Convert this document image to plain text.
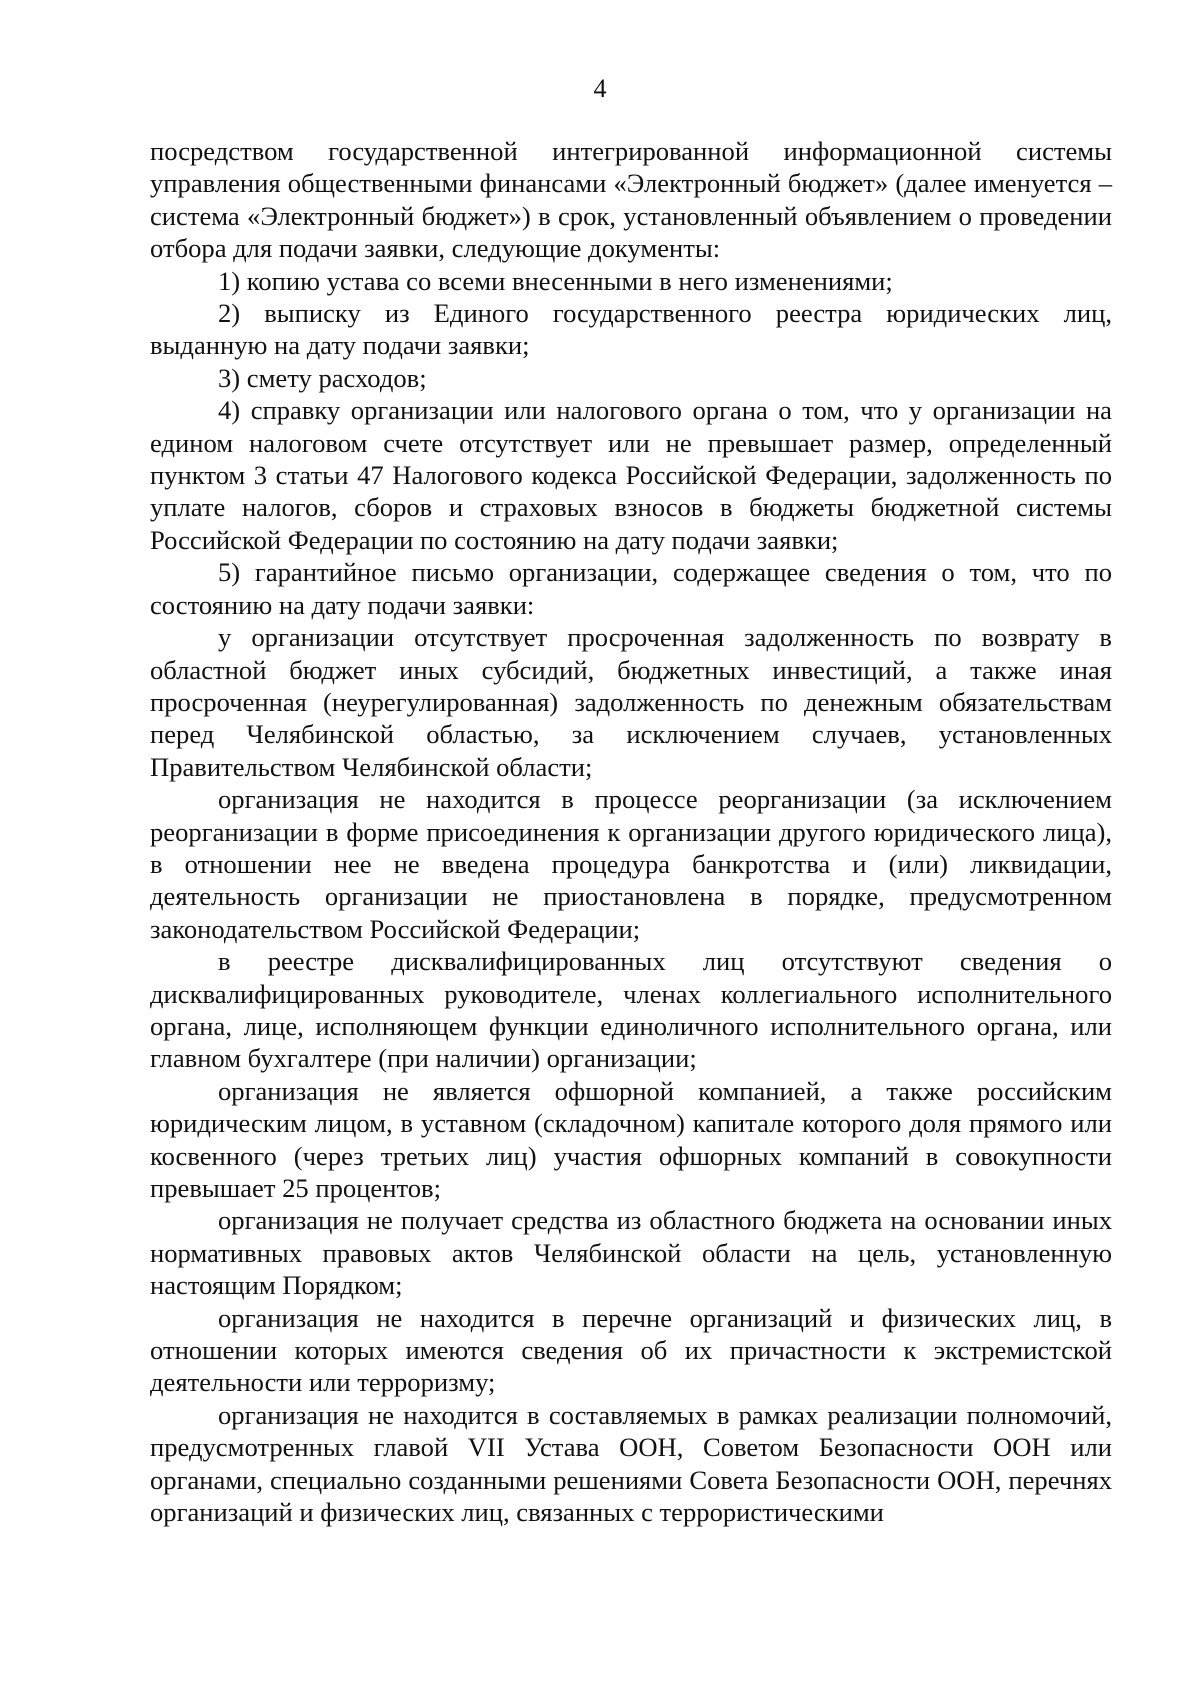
4

посредством государственной интегрированной информационной системы управления общественными финансами «Электронный бюджет» (далее именуется – система «Электронный бюджет») в срок, установленный объявлением о проведении отбора для подачи заявки, следующие документы:

1) копию устава со всеми внесенными в него изменениями;

2) выписку из Единого государственного реестра юридических лиц, выданную на дату подачи заявки;

3) смету расходов;

4) справку организации или налогового органа о том, что у организации на едином налоговом счете отсутствует или не превышает размер, определенный пунктом 3 статьи 47 Налогового кодекса Российской Федерации, задолженность по уплате налогов, сборов и страховых взносов в бюджеты бюджетной системы Российской Федерации по состоянию на дату подачи заявки;

5) гарантийное письмо организации, содержащее сведения о том, что по состоянию на дату подачи заявки:

у организации отсутствует просроченная задолженность по возврату в областной бюджет иных субсидий, бюджетных инвестиций, а также иная просроченная (неурегулированная) задолженность по денежным обязательствам перед Челябинской областью, за исключением случаев, установленных Правительством Челябинской области;

организация не находится в процессе реорганизации (за исключением реорганизации в форме присоединения к организации другого юридического лица), в отношении нее не введена процедура банкротства и (или) ликвидации, деятельность организации не приостановлена в порядке, предусмотренном законодательством Российской Федерации;

в реестре дисквалифицированных лиц отсутствуют сведения о дисквалифицированных руководителе, членах коллегиального исполнительного органа, лице, исполняющем функции единоличного исполнительного органа, или главном бухгалтере (при наличии) организации;

организация не является офшорной компанией, а также российским юридическим лицом, в уставном (складочном) капитале которого доля прямого или косвенного (через третьих лиц) участия офшорных компаний в совокупности превышает 25 процентов;

организация не получает средства из областного бюджета на основании иных нормативных правовых актов Челябинской области на цель, установленную настоящим Порядком;

организация не находится в перечне организаций и физических лиц, в отношении которых имеются сведения об их причастности к экстремистской деятельности или терроризму;

организация не находится в составляемых в рамках реализации полномочий, предусмотренных главой VII Устава ООН, Советом Безопасности ООН или органами, специально созданными решениями Совета Безопасности ООН, перечнях организаций и физических лиц, связанных с террористическими
